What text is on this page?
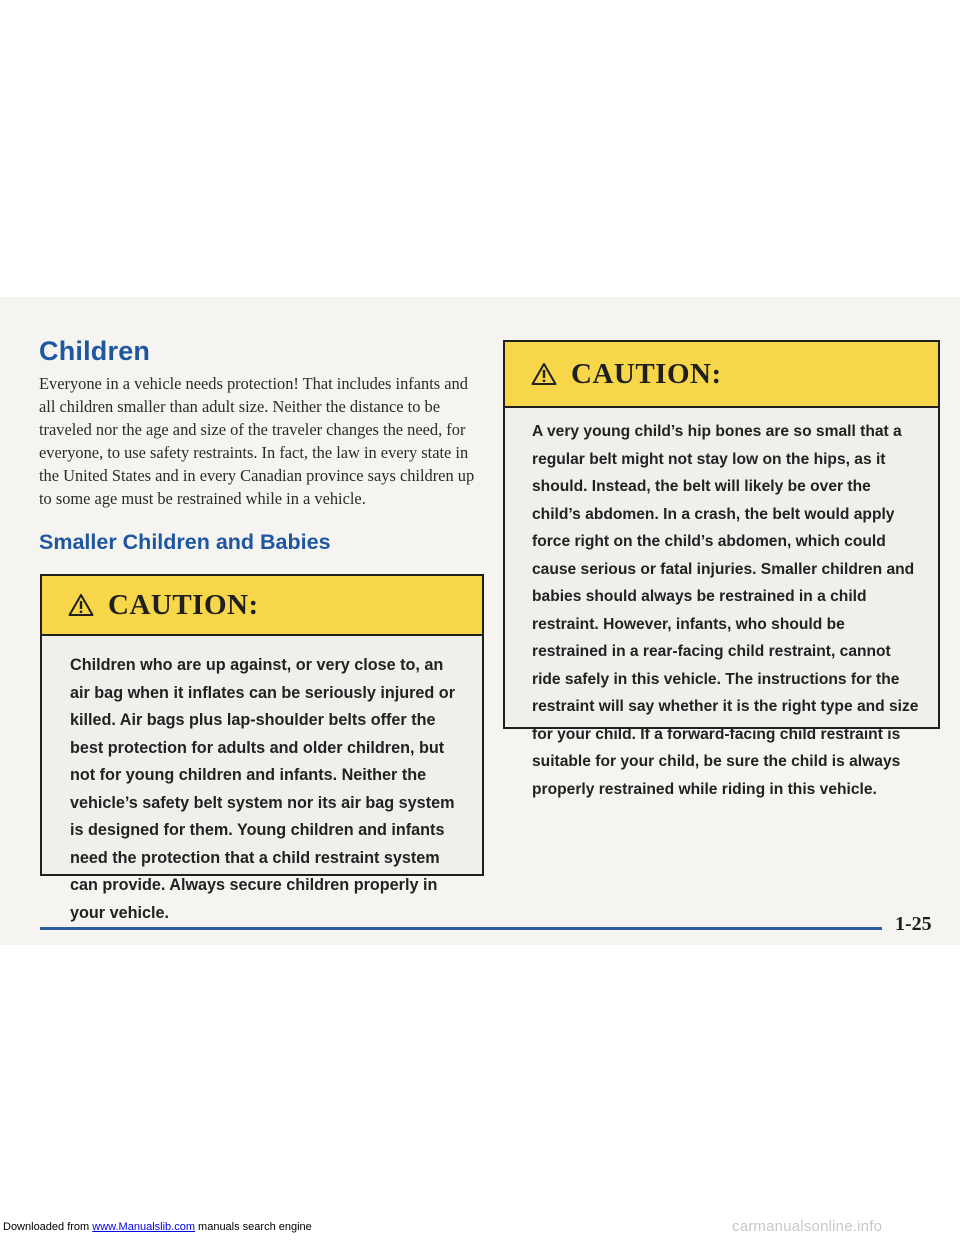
Children

Everyone in a vehicle needs protection! That includes infants and all children smaller than adult size. Neither the distance to be traveled nor the age and size of the traveler changes the need, for everyone, to use safety restraints. In fact, the law in every state in the United States and in every Canadian province says children up to some age must be restrained while in a vehicle.

Smaller Children and Babies
CAUTION:

Children who are up against, or very close to, an air bag when it inflates can be seriously injured or killed. Air bags plus lap-shoulder belts offer the best protection for adults and older children, but not for young children and infants. Neither the vehicle’s safety belt system nor its air bag system is designed for them. Young children and infants need the protection that a child restraint system can provide. Always secure children properly in your vehicle.

CAUTION:

A very young child’s hip bones are so small that a regular belt might not stay low on the hips, as it should. Instead, the belt will likely be over the child’s abdomen. In a crash, the belt would apply force right on the child’s abdomen, which could cause serious or fatal injuries. Smaller children and babies should always be restrained in a child restraint. However, infants, who should be restrained in a rear-facing child restraint, cannot ride safely in this vehicle. The instructions for the restraint will say whether it is the right type and size for your child. If a forward-facing child restraint is suitable for your child, be sure the child is always properly restrained while riding in this vehicle.

1-25
Downloaded from www.Manualslib.com manuals search engine	carmanualsonline.info
